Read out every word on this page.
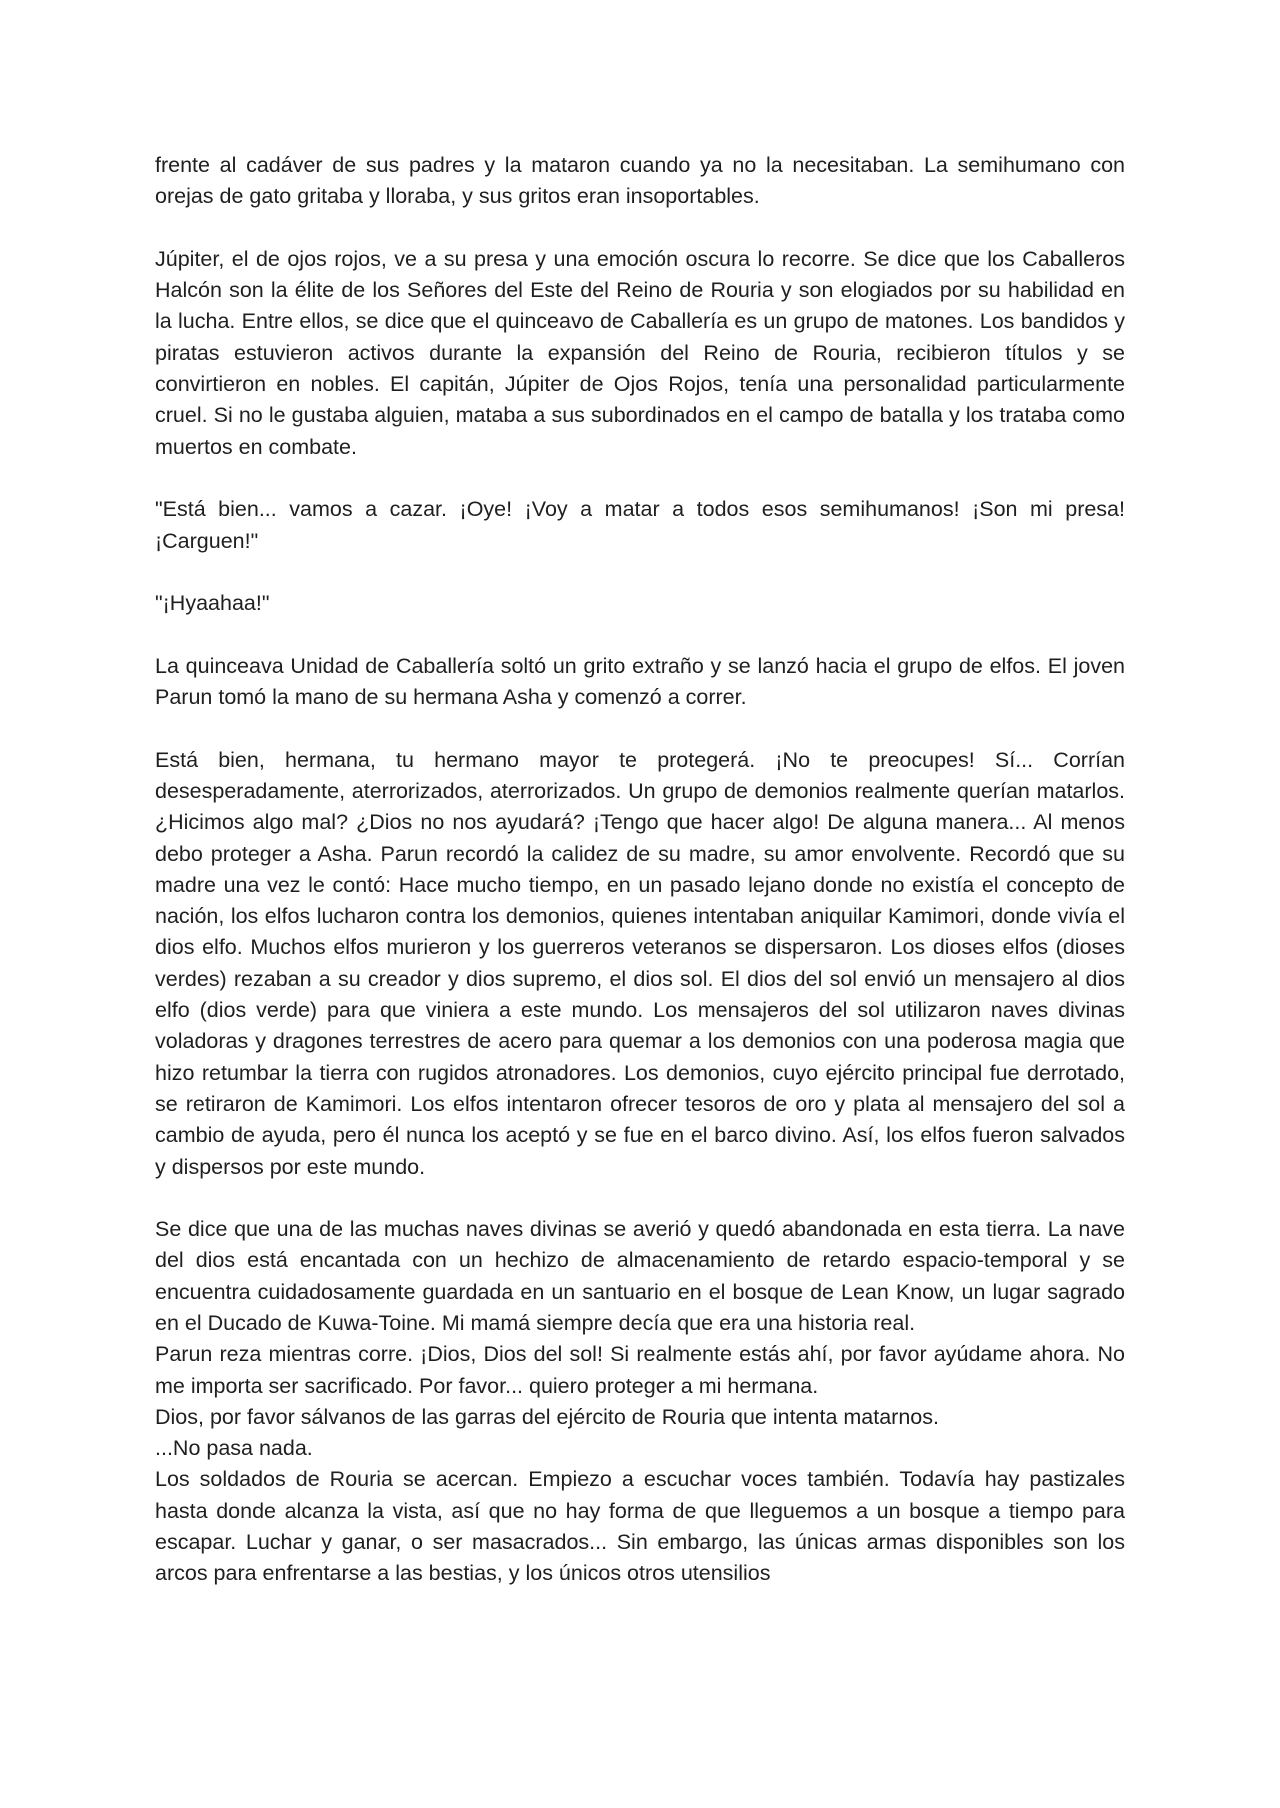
frente al cadáver de sus padres y la mataron cuando ya no la necesitaban. La semihumano con orejas de gato gritaba y lloraba, y sus gritos eran insoportables.

Júpiter, el de ojos rojos, ve a su presa y una emoción oscura lo recorre. Se dice que los Caballeros Halcón son la élite de los Señores del Este del Reino de Rouria y son elogiados por su habilidad en la lucha. Entre ellos, se dice que el quinceavo de Caballería es un grupo de matones. Los bandidos y piratas estuvieron activos durante la expansión del Reino de Rouria, recibieron títulos y se convirtieron en nobles. El capitán, Júpiter de Ojos Rojos, tenía una personalidad particularmente cruel. Si no le gustaba alguien, mataba a sus subordinados en el campo de batalla y los trataba como muertos en combate.

"Está bien... vamos a cazar. ¡Oye! ¡Voy a matar a todos esos semihumanos! ¡Son mi presa! ¡Carguen!"

"¡Hyaahaa!"

La quinceava Unidad de Caballería soltó un grito extraño y se lanzó hacia el grupo de elfos. El joven Parun tomó la mano de su hermana Asha y comenzó a correr.

Está bien, hermana, tu hermano mayor te protegerá. ¡No te preocupes! Sí... Corrían desesperadamente, aterrorizados, aterrorizados. Un grupo de demonios realmente querían matarlos. ¿Hicimos algo mal? ¿Dios no nos ayudará? ¡Tengo que hacer algo! De alguna manera... Al menos debo proteger a Asha. Parun recordó la calidez de su madre, su amor envolvente. Recordó que su madre una vez le contó: Hace mucho tiempo, en un pasado lejano donde no existía el concepto de nación, los elfos lucharon contra los demonios, quienes intentaban aniquilar Kamimori, donde vivía el dios elfo. Muchos elfos murieron y los guerreros veteranos se dispersaron. Los dioses elfos (dioses verdes) rezaban a su creador y dios supremo, el dios sol. El dios del sol envió un mensajero al dios elfo (dios verde) para que viniera a este mundo. Los mensajeros del sol utilizaron naves divinas voladoras y dragones terrestres de acero para quemar a los demonios con una poderosa magia que hizo retumbar la tierra con rugidos atronadores. Los demonios, cuyo ejército principal fue derrotado, se retiraron de Kamimori. Los elfos intentaron ofrecer tesoros de oro y plata al mensajero del sol a cambio de ayuda, pero él nunca los aceptó y se fue en el barco divino. Así, los elfos fueron salvados y dispersos por este mundo.

Se dice que una de las muchas naves divinas se averió y quedó abandonada en esta tierra. La nave del dios está encantada con un hechizo de almacenamiento de retardo espacio-temporal y se encuentra cuidadosamente guardada en un santuario en el bosque de Lean Know, un lugar sagrado en el Ducado de Kuwa-Toine. Mi mamá siempre decía que era una historia real.

Parun reza mientras corre. ¡Dios, Dios del sol! Si realmente estás ahí, por favor ayúdame ahora. No me importa ser sacrificado. Por favor... quiero proteger a mi hermana.

Dios, por favor sálvanos de las garras del ejército de Rouria que intenta matarnos.

...No pasa nada.

Los soldados de Rouria se acercan. Empiezo a escuchar voces también. Todavía hay pastizales hasta donde alcanza la vista, así que no hay forma de que lleguemos a un bosque a tiempo para escapar. Luchar y ganar, o ser masacrados... Sin embargo, las únicas armas disponibles son los arcos para enfrentarse a las bestias, y los únicos otros utensilios
